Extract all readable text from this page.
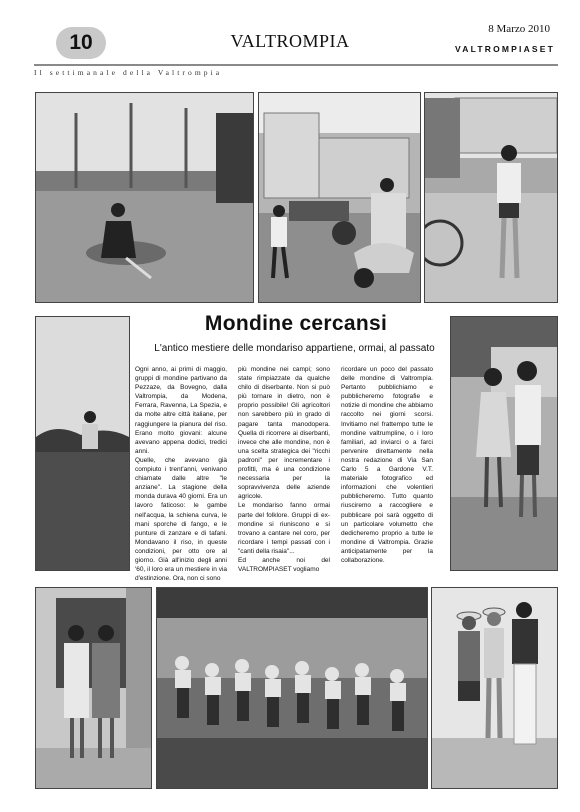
10	VALTROMPIA
8 Marzo 2010
VALTROMPIASET
Il settimanale della Valtrompia
Mondine cercansi
L'antico mestiere delle mondariso appartiene, ormai, al passato

Ogni anno, ai primi di maggio, gruppi di mondine partivano da Pezzaze, da Bovegno, dalla Valtrompia, da Modena, Ferrara, Ravenna, La Spezia, e da molte altre città italiane, per raggiungere la pianura del riso. Erano molto giovani: alcune avevano appena dodici, tredici anni.

Quelle, che avevano già compiuto i trent'anni, venivano chiamate dalle altre "le anziane". La stagione della monda durava 40 giorni. Era un lavoro faticoso: le gambe nell'acqua, la schiena curva, le mani sporche di fango, e le punture di zanzare e di tafani. Mondavano il riso, in queste condizioni, per otto ore al giorno. Già all'inizio degli anni '60, il loro era un mestiere in via d'estinzione. Ora, non ci sono

più mondine nei campi; sono state rimpiazzate da qualche chilo di diserbante. Non si può più tornare in dietro, non è proprio possibile! Gli agricoltori non sarebbero più in grado di pagare tanta manodopera. Quella di ricorrere ai diserbanti, invece che alle mondine, non è una scelta strategica dei "ricchi padroni" per incrementare i profitti, ma è una condizione necessaria per la sopravvivenza delle aziende agricole.

Le mondariso fanno ormai parte del folklore. Gruppi di ex-mondine si riuniscono e si trovano a cantare nel coro, per ricordare i tempi passati con i "canti della risaia"...

Ed anche noi del VALTROMPIASET vogliamo

ricordare un poco del passato delle mondine di Valtrompia. Pertanto pubblichiamo e pubblicheremo fotografie e notizie di mondine che abbiamo raccolto nei giorni scorsi. Invitiamo nel frattempo tutte le mondine valtrumpline, o i loro familiari, ad inviarci o a farci pervenire direttamente nella nostra redazione di Via San Carlo 5 a Gardone V.T. materiale fotografico ed informazioni che volentieri pubblicheremo. Tutto quanto riusciremo a raccogliere e pubblicare poi sarà oggetto di un particolare volumetto che dedicheremo proprio a tutte le mondine di Valtrompia. Grazie anticipatamente per la collaborazione.
